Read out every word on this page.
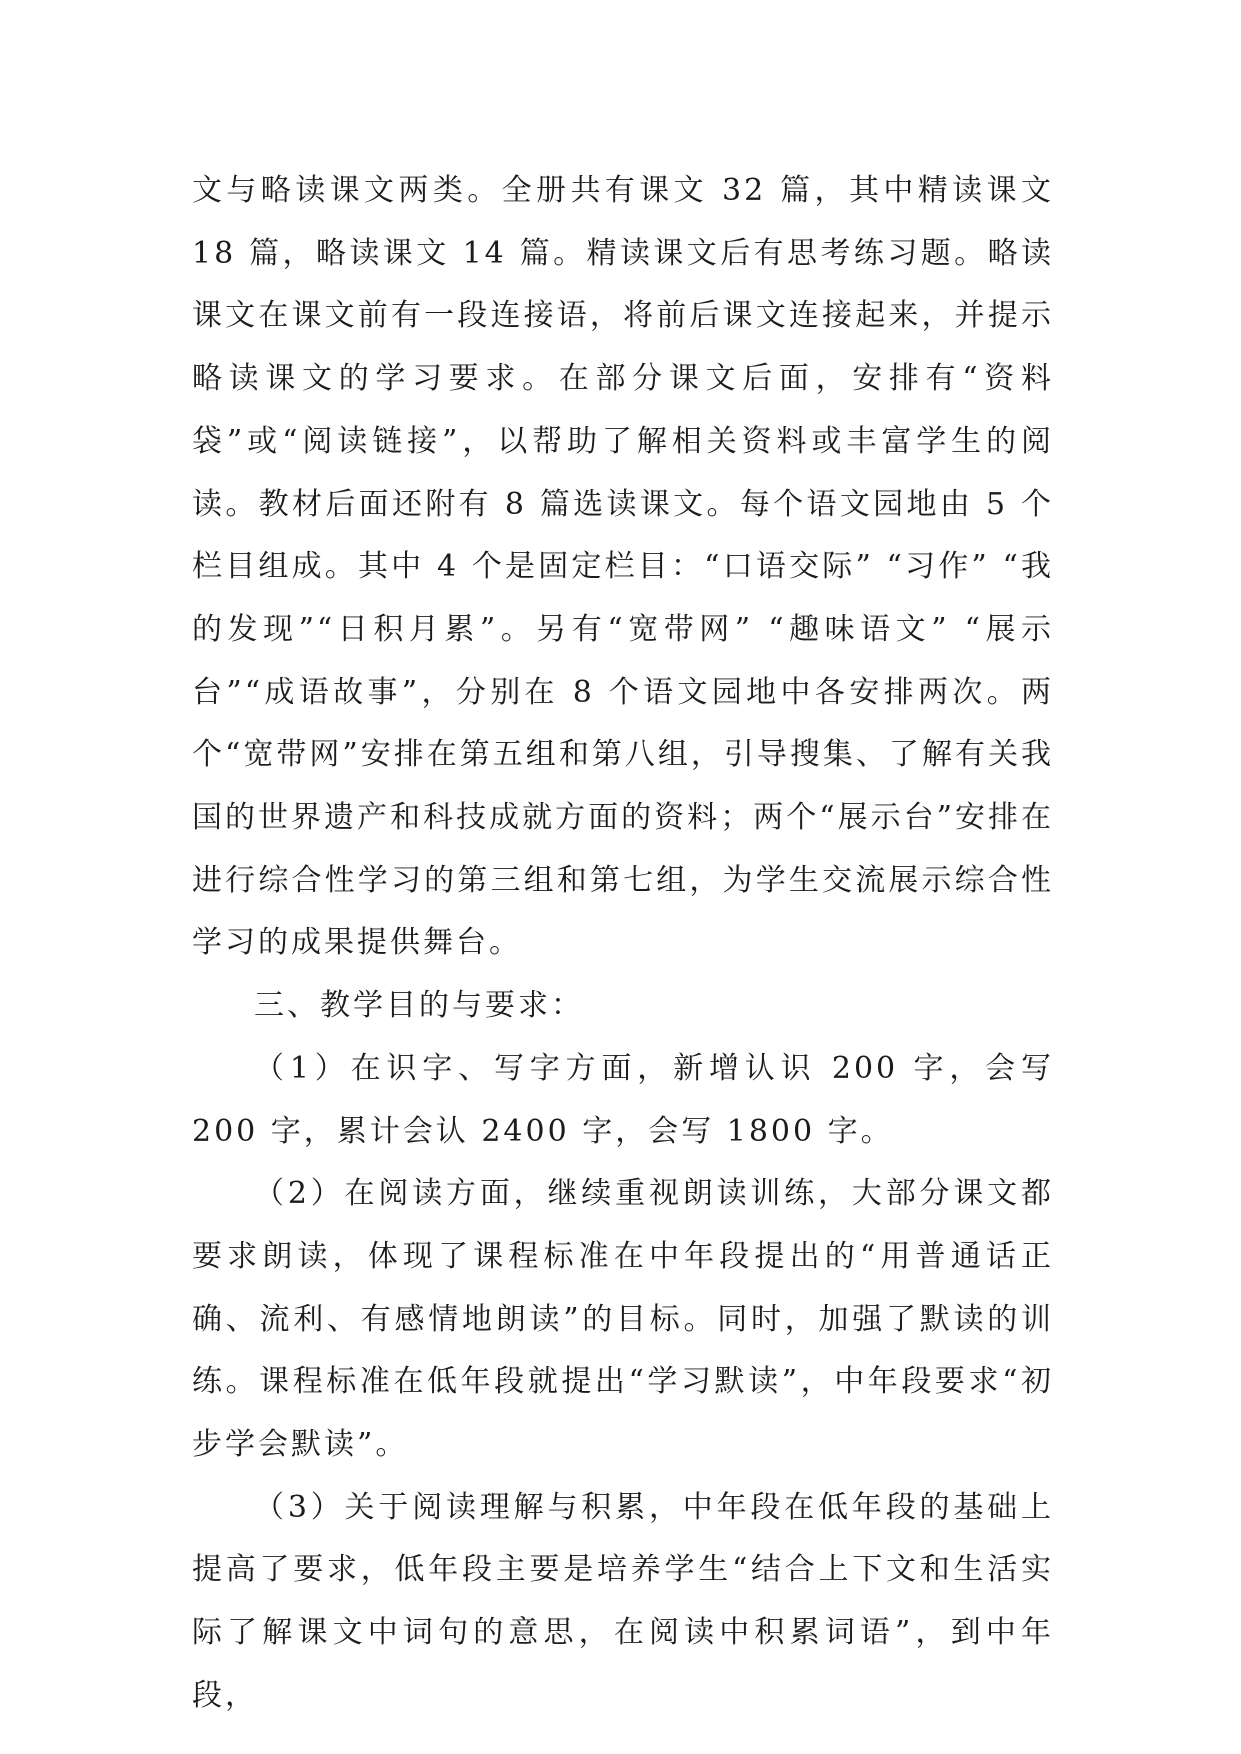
文与略读课文两类。全册共有课文 32 篇，其中精读课文 18 篇，略读课文 14 篇。精读课文后有思考练习题。略读课文在课文前有一段连接语，将前后课文连接起来，并提示略读课文的学习要求。在部分课文后面，安排有“资料袋”或“阅读链接”，以帮助了解相关资料或丰富学生的阅读。教材后面还附有 8 篇选读课文。每个语文园地由 5 个栏目组成。其中 4 个是固定栏目：“口语交际” “习作” “我的发现”“日积月累”。另有“宽带网” “趣味语文” “展示台”“成语故事”，分别在 8 个语文园地中各安排两次。两个“宽带网”安排在第五组和第八组，引导搜集、了解有关我国的世界遗产和科技成就方面的资料；两个“展示台”安排在进行综合性学习的第三组和第七组，为学生交流展示综合性学习的成果提供舞台。

三、教学目的与要求：

（1）在识字、写字方面，新增认识 200 字，会写 200 字，累计会认 2400 字，会写 1800 字。

（2）在阅读方面，继续重视朗读训练，大部分课文都要求朗读，体现了课程标准在中年段提出的“用普通话正确、流利、有感情地朗读”的目标。同时，加强了默读的训练。课程标准在低年段就提出“学习默读”，中年段要求“初步学会默读”。

（3）关于阅读理解与积累，中年段在低年段的基础上提高了要求，低年段主要是培养学生“结合上下文和生活实际了解课文中词句的意思，在阅读中积累词语”，到中年段，
